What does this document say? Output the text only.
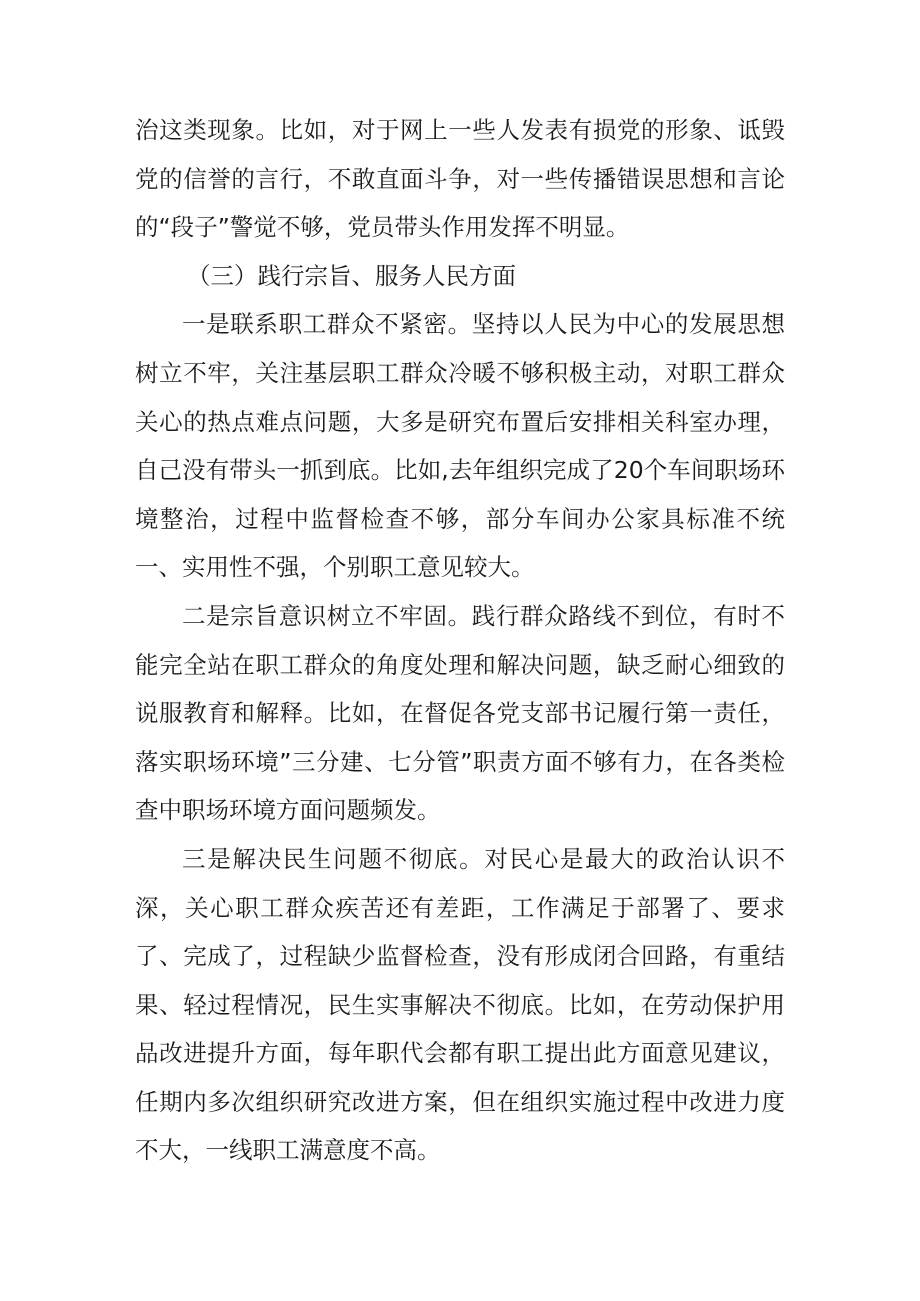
治这类现象。比如，对于网上一些人发表有损党的形象、诋毁党的信誉的言行，不敢直面斗争，对一些传播错误思想和言论的“段子”警觉不够，党员带头作用发挥不明显。

（三）践行宗旨、服务人民方面

一是联系职工群众不紧密。坚持以人民为中心的发展思想树立不牢，关注基层职工群众冷暖不够积极主动，对职工群众关心的热点难点问题，大多是研究布置后安排相关科室办理，自己没有带头一抓到底。比如,去年组织完成了20个车间职场环境整治，过程中监督检查不够，部分车间办公家具标准不统一、实用性不强，个别职工意见较大。

二是宗旨意识树立不牢固。践行群众路线不到位，有时不能完全站在职工群众的角度处理和解决问题，缺乏耐心细致的说服教育和解释。比如，在督促各党支部书记履行第一责任，落实职场环境”三分建、七分管”职责方面不够有力，在各类检查中职场环境方面问题频发。

三是解决民生问题不彻底。对民心是最大的政治认识不深，关心职工群众疾苦还有差距，工作满足于部署了、要求了、完成了，过程缺少监督检查，没有形成闭合回路，有重结果、轻过程情况，民生实事解决不彻底。比如，在劳动保护用品改进提升方面，每年职代会都有职工提出此方面意见建议，任期内多次组织研究改进方案，但在组织实施过程中改进力度不大，一线职工满意度不高。
